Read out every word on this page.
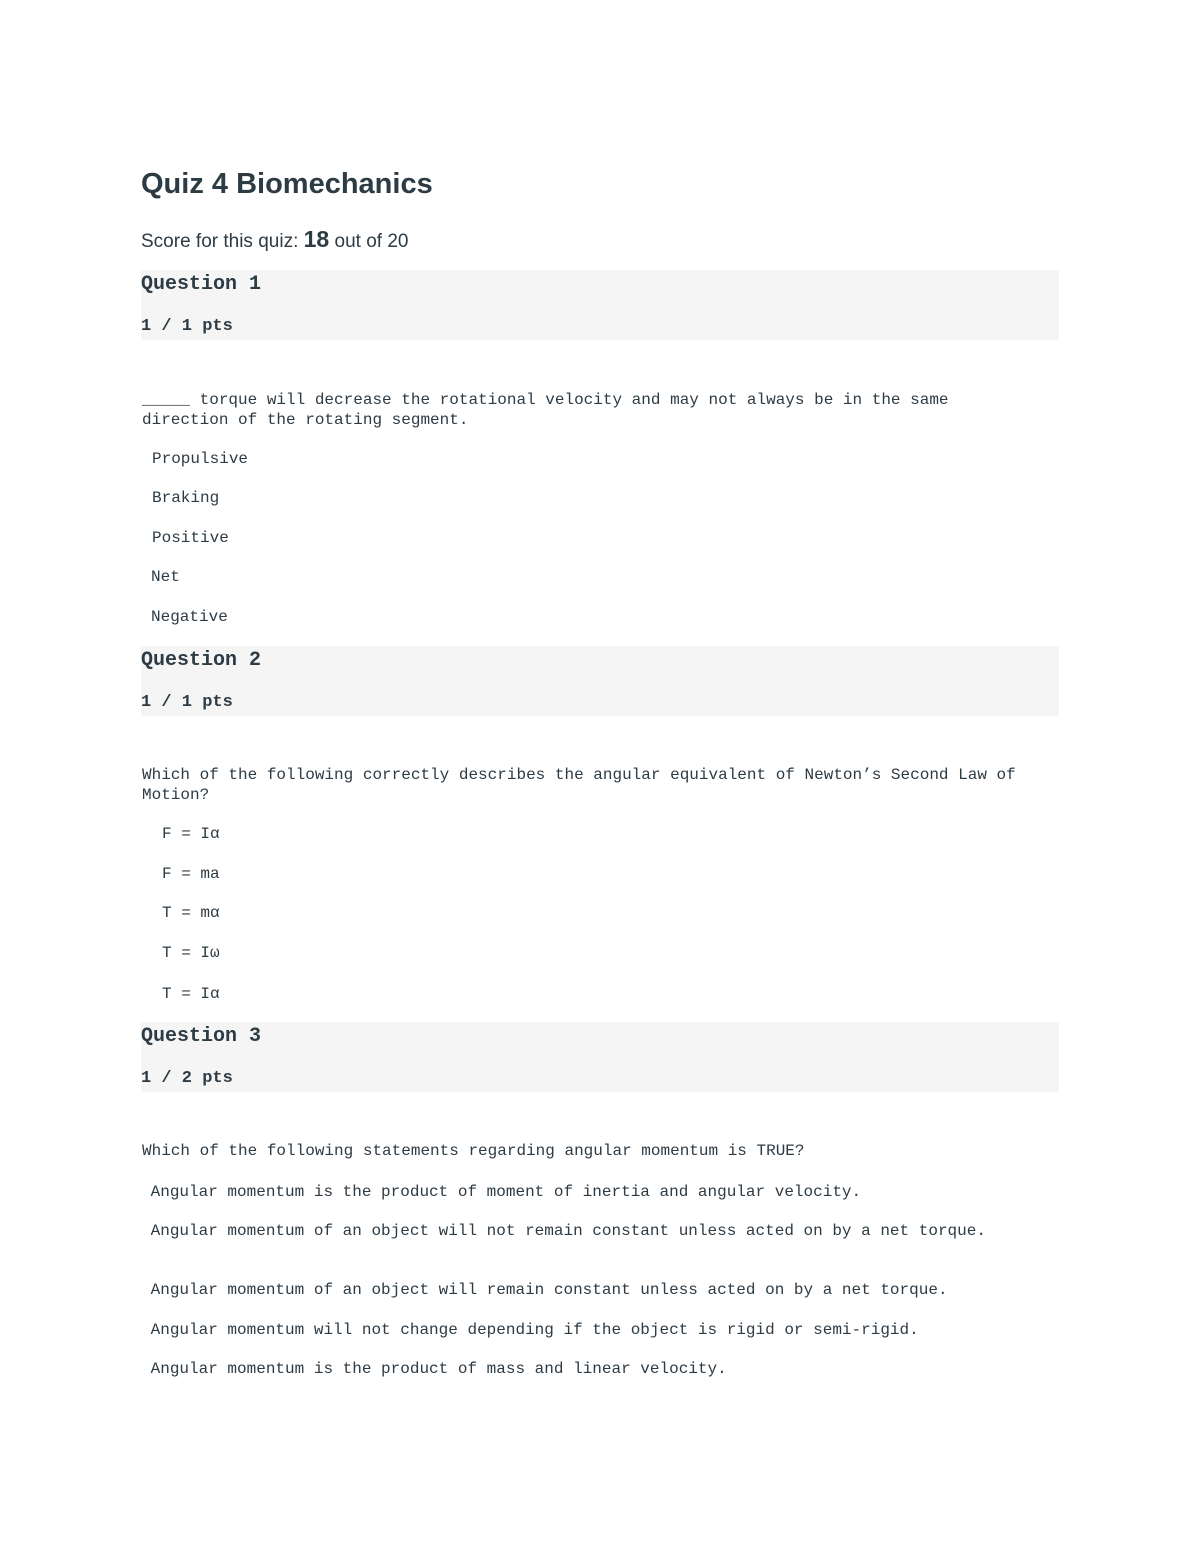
Quiz 4 Biomechanics
Score for this quiz: 18 out of 20
Question 1
1 / 1 pts
_____ torque will decrease the rotational velocity and may not always be in the same direction of the rotating segment.
Propulsive
Braking
Positive
Net
Negative
Question 2
1 / 1 pts
Which of the following correctly describes the angular equivalent of Newton’s Second Law of Motion?
F = Iα
F = ma
T = mα
T = Iω
T = Iα
Question 3
1 / 2 pts
Which of the following statements regarding angular momentum is TRUE?
Angular momentum is the product of moment of inertia and angular velocity.
Angular momentum of an object will not remain constant unless acted on by a net torque.
Angular momentum of an object will remain constant unless acted on by a net torque.
Angular momentum will not change depending if the object is rigid or semi-rigid.
Angular momentum is the product of mass and linear velocity.
